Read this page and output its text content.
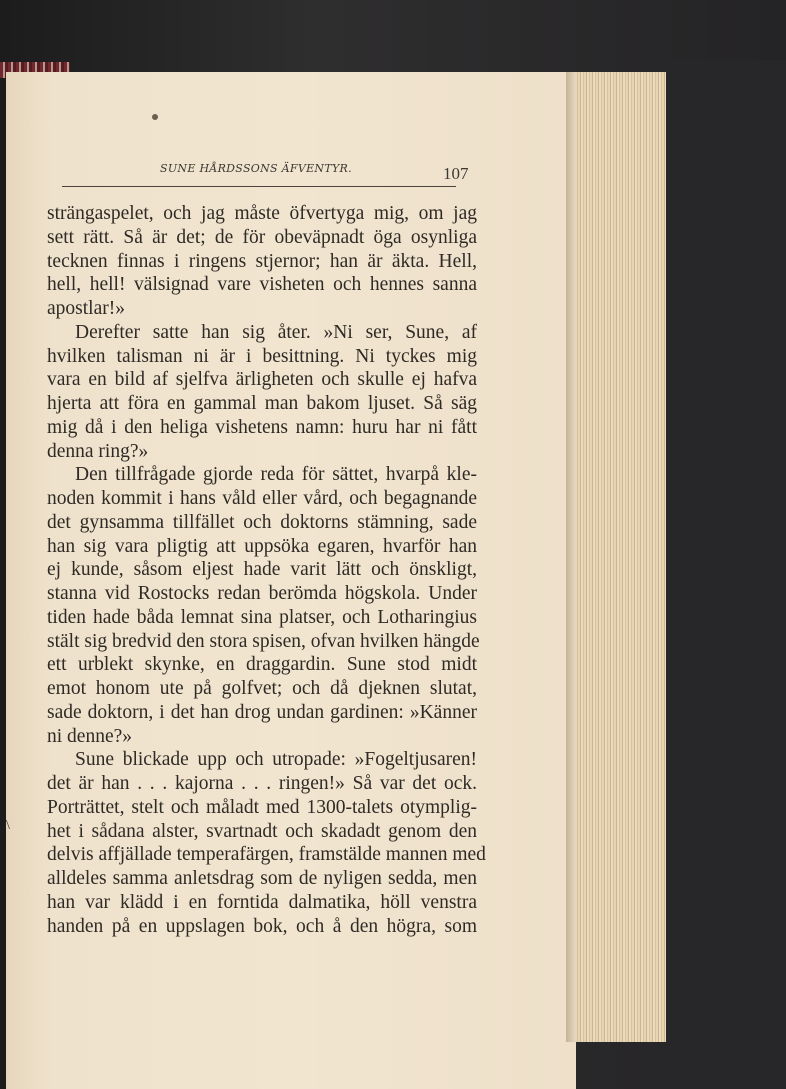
SUNE HÅRDSSONS ÄFVENTYR.	107
strängaspelet, och jag måste öfvertyga mig, om jag
sett rätt. Så är det; de för obeväpnadt öga osynliga
tecknen finnas i ringens stjernor; han är äkta. Hell,
hell, hell! välsignad vare visheten och hennes sanna
apostlar!»
Derefter satte han sig åter. »Ni ser, Sune, af
hvilken talisman ni är i besittning. Ni tyckes mig
vara en bild af sjelfva ärligheten och skulle ej hafva
hjerta att föra en gammal man bakom ljuset. Så säg
mig då i den heliga vishetens namn: huru har ni fått
denna ring?»
Den tillfrågade gjorde reda för sättet, hvarpå kle-
noden kommit i hans våld eller vård, och begagnande
det gynsamma tillfället och doktorns stämning, sade
han sig vara pligtig att uppsöka egaren, hvarför han
ej kunde, såsom eljest hade varit lätt och önskligt,
stanna vid Rostocks redan berömda högskola. Under
tiden hade båda lemnat sina platser, och Lotharingius
stält sig bredvid den stora spisen, ofvan hvilken hängde
ett urblekt skynke, en draggardin. Sune stod midt
emot honom ute på golfvet; och då djeknen slutat,
sade doktorn, i det han drog undan gardinen: »Känner
ni denne?»
Sune blickade upp och utropade: »Fogeltjusaren!
det är han . . . kajorna . . . ringen!» Så var det ock.
Porträttet, stelt och måladt med 1300-talets otymplig-
het i sådana alster, svartnadt och skadadt genom den
delvis affjällade temperafärgen, framstälde mannen med
alldeles samma anletsdrag som de nyligen sedda, men
han var klädd i en forntida dalmatika, höll venstra
handen på en uppslagen bok, och å den högra, som
\
